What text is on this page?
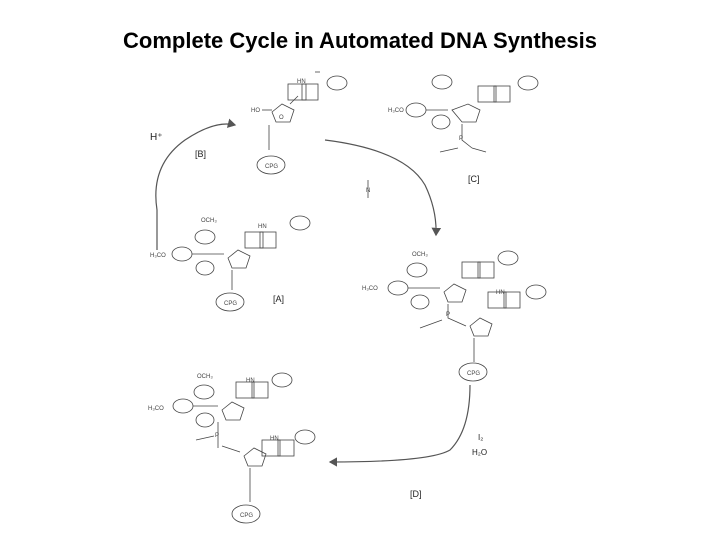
Complete Cycle in Automated DNA Synthesis
[B]
[C]
[A]
[D]
H⁺
I₂
H₂O
HO
O
HN
CPG
H₃CO
P
N
OCH₃
H₃CO
HN
CPG
OCH₃
H₃CO
P
HN
CPG
OCH₃
H₃CO
HN
P	HN
CPG
